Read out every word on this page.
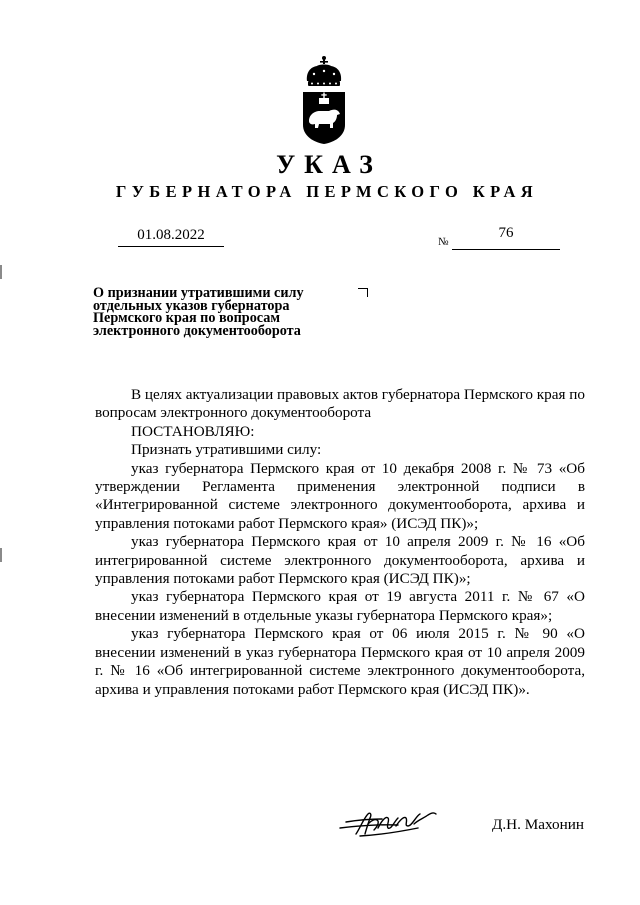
УКАЗ
ГУБЕРНАТОРА ПЕРМСКОГО КРАЯ
01.08.2022	№
76
О признании утратившими силу
отдельных указов губернатора
Пермского края по вопросам
электронного документооборота

В целях актуализации правовых актов губернатора Пермского края по вопросам электронного документооборота

ПОСТАНОВЛЯЮ:

Признать утратившими силу:

указ губернатора Пермского края от 10 декабря 2008 г. № 73 «Об утверждении Регламента применения электронной подписи в «Интегрированной системе электронного документооборота, архива и управления потоками работ Пермского края» (ИСЭД ПК)»;

указ губернатора Пермского края от 10 апреля 2009 г. № 16 «Об интегрированной системе электронного документооборота, архива и управления потоками работ Пермского края (ИСЭД ПК)»;

указ губернатора Пермского края от 19 августа 2011 г. № 67 «О внесении изменений в отдельные указы губернатора Пермского края»;

указ губернатора Пермского края от 06 июля 2015 г. № 90 «О внесении изменений в указ губернатора Пермского края от 10 апреля 2009 г. № 16 «Об интегрированной системе электронного документооборота, архива и управления потоками работ Пермского края (ИСЭД ПК)».

Д.Н. Махонин
